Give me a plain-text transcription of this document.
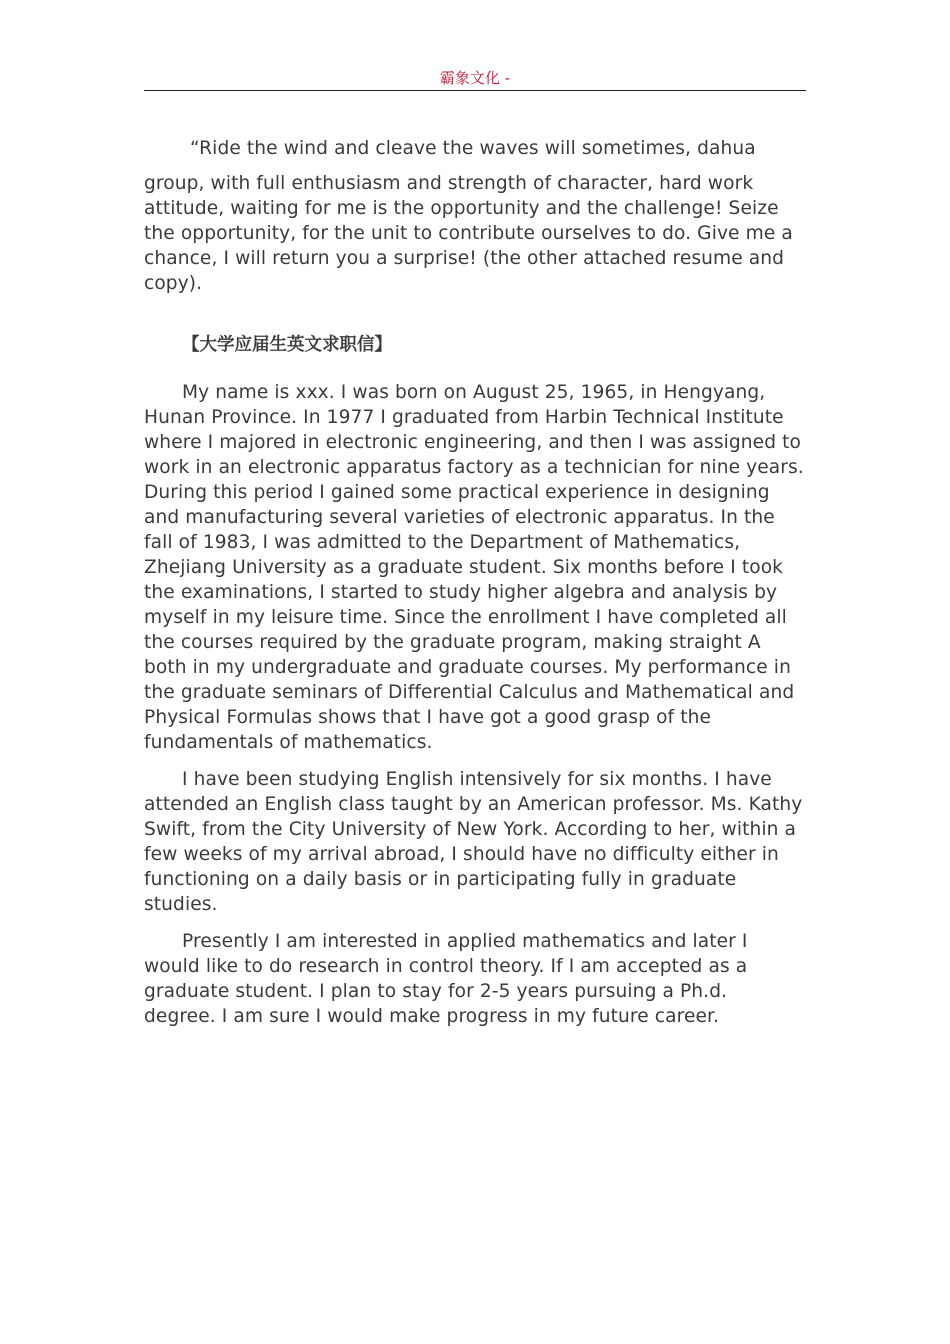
霸象文化 -

“Ride the wind and cleave the waves will sometimes, dahua

group, with full enthusiasm and strength of character, hard work attitude, waiting for me is the opportunity and the challenge! Seize the opportunity, for the unit to contribute ourselves to do. Give me a chance, I will return you a surprise! (the other attached resume and copy).

【大学应届生英文求职信】

My name is xxx. I was born on August 25, 1965, in Hengyang, Hunan Province. In 1977 I graduated from Harbin Technical Institute where I majored in electronic engineering, and then I was assigned to work in an electronic apparatus factory as a technician for nine years. During this period I gained some practical experience in designing and manufacturing several varieties of electronic apparatus. In the fall of 1983, I was admitted to the Department of Mathematics, Zhejiang University as a graduate student. Six months before I took the examinations, I started to study higher algebra and analysis by myself in my leisure time. Since the enrollment I have completed all the courses required by the graduate program, making straight A both in my undergraduate and graduate courses. My performance in the graduate seminars of Differential Calculus and Mathematical and Physical Formulas shows that I have got a good grasp of the fundamentals of mathematics.

I have been studying English intensively for six months. I have attended an English class taught by an American professor. Ms. Kathy Swift, from the City University of New York. According to her, within a few weeks of my arrival abroad, I should have no difficulty either in functioning on a daily basis or in participating fully in graduate studies.

Presently I am interested in applied mathematics and later I would like to do research in control theory. If I am accepted as a graduate student. I plan to stay for 2-5 years pursuing a Ph.d. degree. I am sure I would make progress in my future career.
